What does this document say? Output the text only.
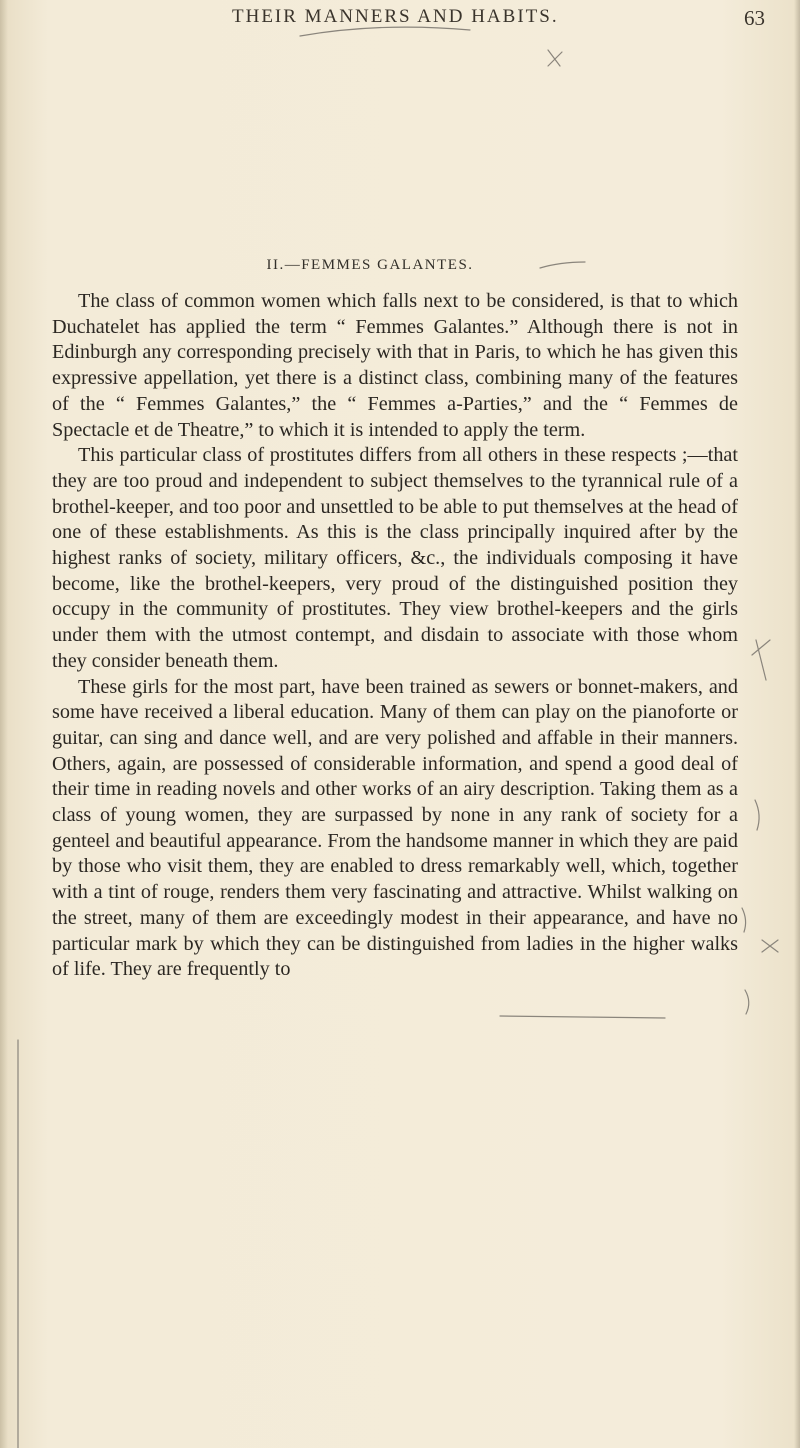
THEIR MANNERS AND HABITS.	63
II.—FEMMES GALANTES.

The class of common women which falls next to be considered, is that to which Duchatelet has applied the term “ Femmes Galantes.” Although there is not in Edinburgh any corresponding precisely with that in Paris, to which he has given this expressive appellation, yet there is a distinct class, combining many of the features of the “ Femmes Galantes,” the “ Femmes a-Parties,” and the “ Femmes de Spectacle et de Theatre,” to which it is intended to apply the term.

This particular class of prostitutes differs from all others in these respects ;—that they are too proud and independent to subject themselves to the tyrannical rule of a brothel-keeper, and too poor and unsettled to be able to put themselves at the head of one of these establishments. As this is the class principally inquired after by the highest ranks of society, military officers, &c., the individuals composing it have become, like the brothel-keepers, very proud of the distinguished position they occupy in the community of prostitutes. They view brothel-keepers and the girls under them with the utmost contempt, and disdain to associate with those whom they consider beneath them.

These girls for the most part, have been trained as sewers or bonnet-makers, and some have received a liberal education. Many of them can play on the pianoforte or guitar, can sing and dance well, and are very polished and affable in their manners. Others, again, are possessed of considerable information, and spend a good deal of their time in reading novels and other works of an airy description. Taking them as a class of young women, they are surpassed by none in any rank of society for a genteel and beautiful appearance. From the handsome manner in which they are paid by those who visit them, they are enabled to dress remarkably well, which, together with a tint of rouge, renders them very fascinating and attractive. Whilst walking on the street, many of them are exceedingly modest in their appearance, and have no particular mark by which they can be distinguished from ladies in the higher walks of life. They are frequently to
